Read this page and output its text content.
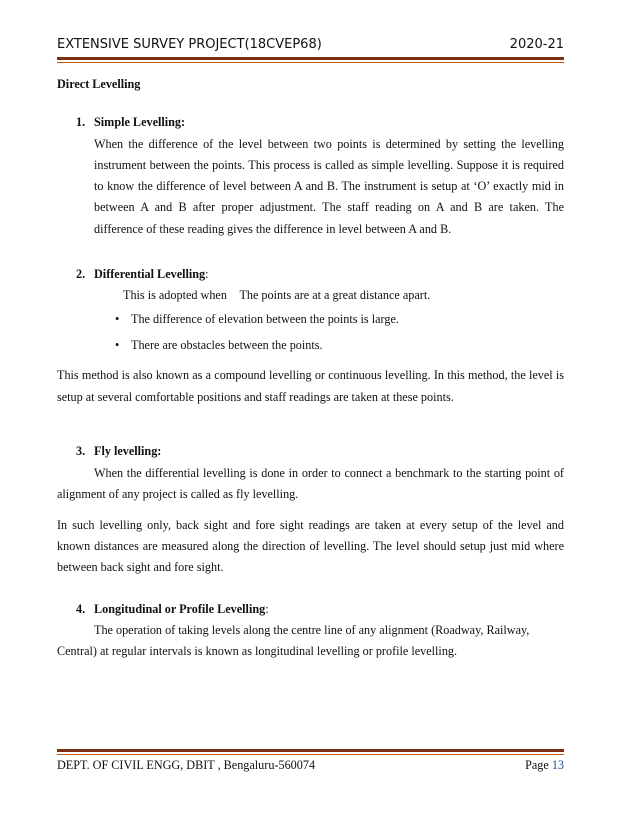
EXTENSIVE SURVEY PROJECT(18CVEP68)	2020-21

Direct Levelling

1. Simple Levelling:

When the difference of the level between two points is determined by setting the levelling instrument between the points. This process is called as simple levelling. Suppose it is required to know the difference of level between A and B. The instrument is setup at ‘O’ exactly mid in between A and B after proper adjustment. The staff reading on A and B are taken. The difference of these reading gives the difference in level between A and B.

2. Differential Levelling:

This is adopted when The points are at a great distance apart.

• The difference of elevation between the points is large.

• There are obstacles between the points.

This method is also known as a compound levelling or continuous levelling. In this method, the level is setup at several comfortable positions and staff readings are taken at these points.

3. Fly levelling:

When the differential levelling is done in order to connect a benchmark to the starting point of alignment of any project is called as fly levelling.

In such levelling only, back sight and fore sight readings are taken at every setup of the level and known distances are measured along the direction of levelling. The level should setup just mid where between back sight and fore sight.

4. Longitudinal or Profile Levelling:

The operation of taking levels along the centre line of any alignment (Roadway, Railway, Central) at regular intervals is known as longitudinal levelling or profile levelling.

DEPT. OF CIVIL ENGG, DBIT , Bengaluru-560074	Page 13
